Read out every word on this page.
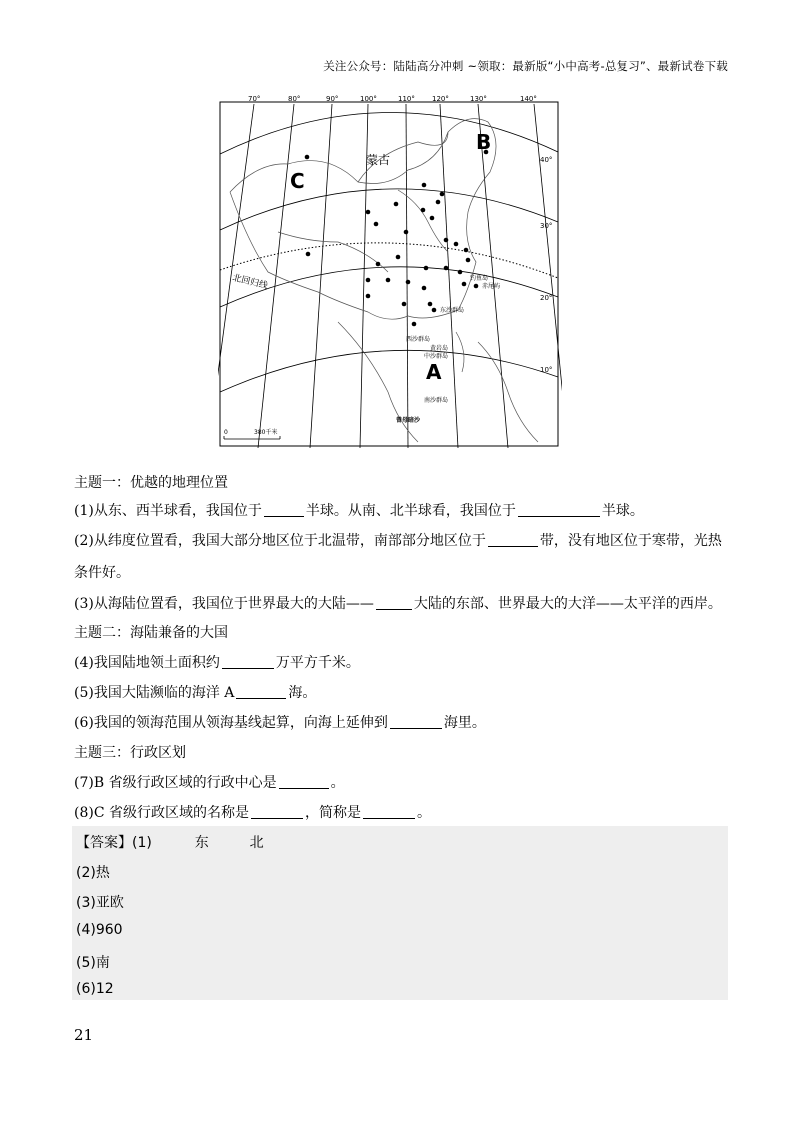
关注公众号：陆陆高分冲刺 ~领取：最新版“小中高考-总复习”、最新试卷下载
70°	80°	90°	100°	110° 120°	130°	140°
40°
30°
20°
10°
蒙古
B
C
A
北回归线	钓鱼岛
赤尾屿
东沙群岛
西沙群岛
黄岩岛
中沙群岛
南沙群岛
曾母暗沙
0	380千米
主题一：优越的地理位置
(1)从东、西半球看，我国位于	半球。从南、北半球看，我国位于	半球。
(2)从纬度位置看，我国大部分地区位于北温带，南部部分地区位于	带，没有地区位于寒带，光热
条件好。
(3)从海陆位置看，我国位于世界最大的大陆——	大陆的东部、世界最大的大洋——太平洋的西岸。
主题二：海陆兼备的大国
(4)我国陆地领土面积约	万平方千米。
(5)我国大陆濒临的海洋 A	海。
(6)我国的领海范围从领海基线起算，向海上延伸到	海里。
主题三：行政区划
(7)B 省级行政区域的行政中心是	。
(8)C 省级行政区域的名称是	，简称是	。
【答案】(1)	东	北
(2)热
(3)亚欧
(4)960
(5)南
(6)12
21
